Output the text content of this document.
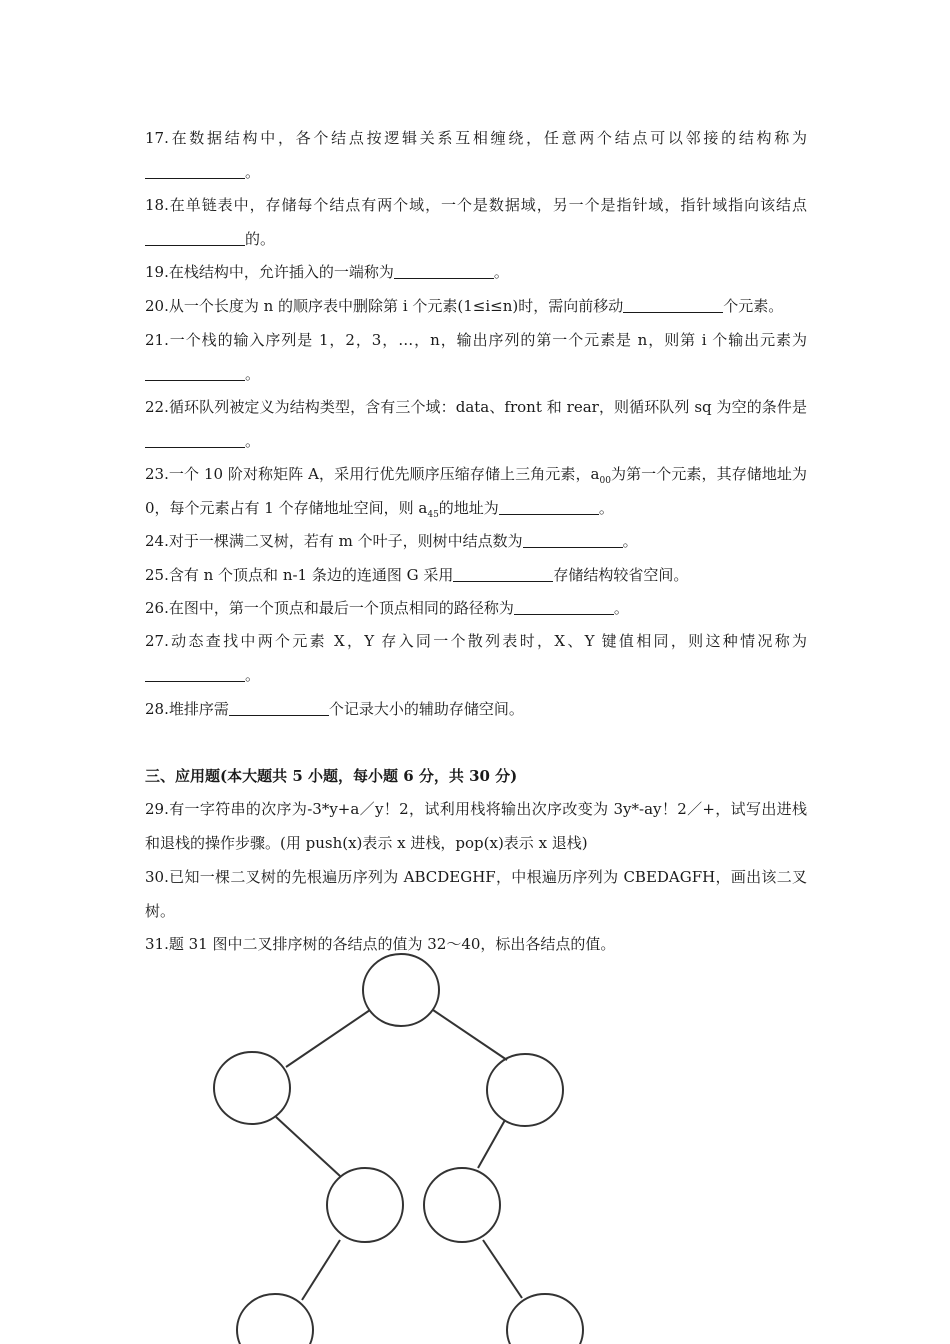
17.在数据结构中，各个结点按逻辑关系互相缠绕，任意两个结点可以邻接的结构称为。

18.在单链表中，存储每个结点有两个域，一个是数据域，另一个是指针域，指针域指向该结点的。

19.在栈结构中，允许插入的一端称为	。

20.从一个长度为 n 的顺序表中删除第 i 个元素(1≤i≤n)时，需向前移动	个元素。

21.一个栈的输入序列是 1，2，3，…，n，输出序列的第一个元素是 n，则第 i 个输出元素为。

22.循环队列被定义为结构类型，含有三个域：data、front 和 rear，则循环队列 sq 为空的条件是。

23.一个 10 阶对称矩阵 A，采用行优先顺序压缩存储上三角元素，$a_{00}$为第一个元素，其存储地址为 0，每个元素占有 1 个存储地址空间，则 $a_{45}$的地址为	。

24.对于一棵满二叉树，若有 m 个叶子，则树中结点数为	。

25.含有 n 个顶点和 n-1 条边的连通图 G 采用	存储结构较省空间。

26.在图中，第一个顶点和最后一个顶点相同的路径称为	。

27.动态查找中两个元素 X，Y 存入同一个散列表时，X、Y 键值相同，则这种情况称为。

28.堆排序需	个记录大小的辅助存储空间。

三、应用题(本大题共 5 小题，每小题 6 分，共 30 分)

29.有一字符串的次序为-3*y+a／y！2，试利用栈将输出次序改变为 3y*-ay！2／+，试写出进栈和退栈的操作步骤。(用 push(x)表示 x 进栈，pop(x)表示 x 退栈)

30.已知一棵二叉树的先根遍历序列为 ABCDEGHF，中根遍历序列为 CBEDAGFH，画出该二叉树。

31.题 31 图中二叉排序树的各结点的值为 32～40，标出各结点的值。
